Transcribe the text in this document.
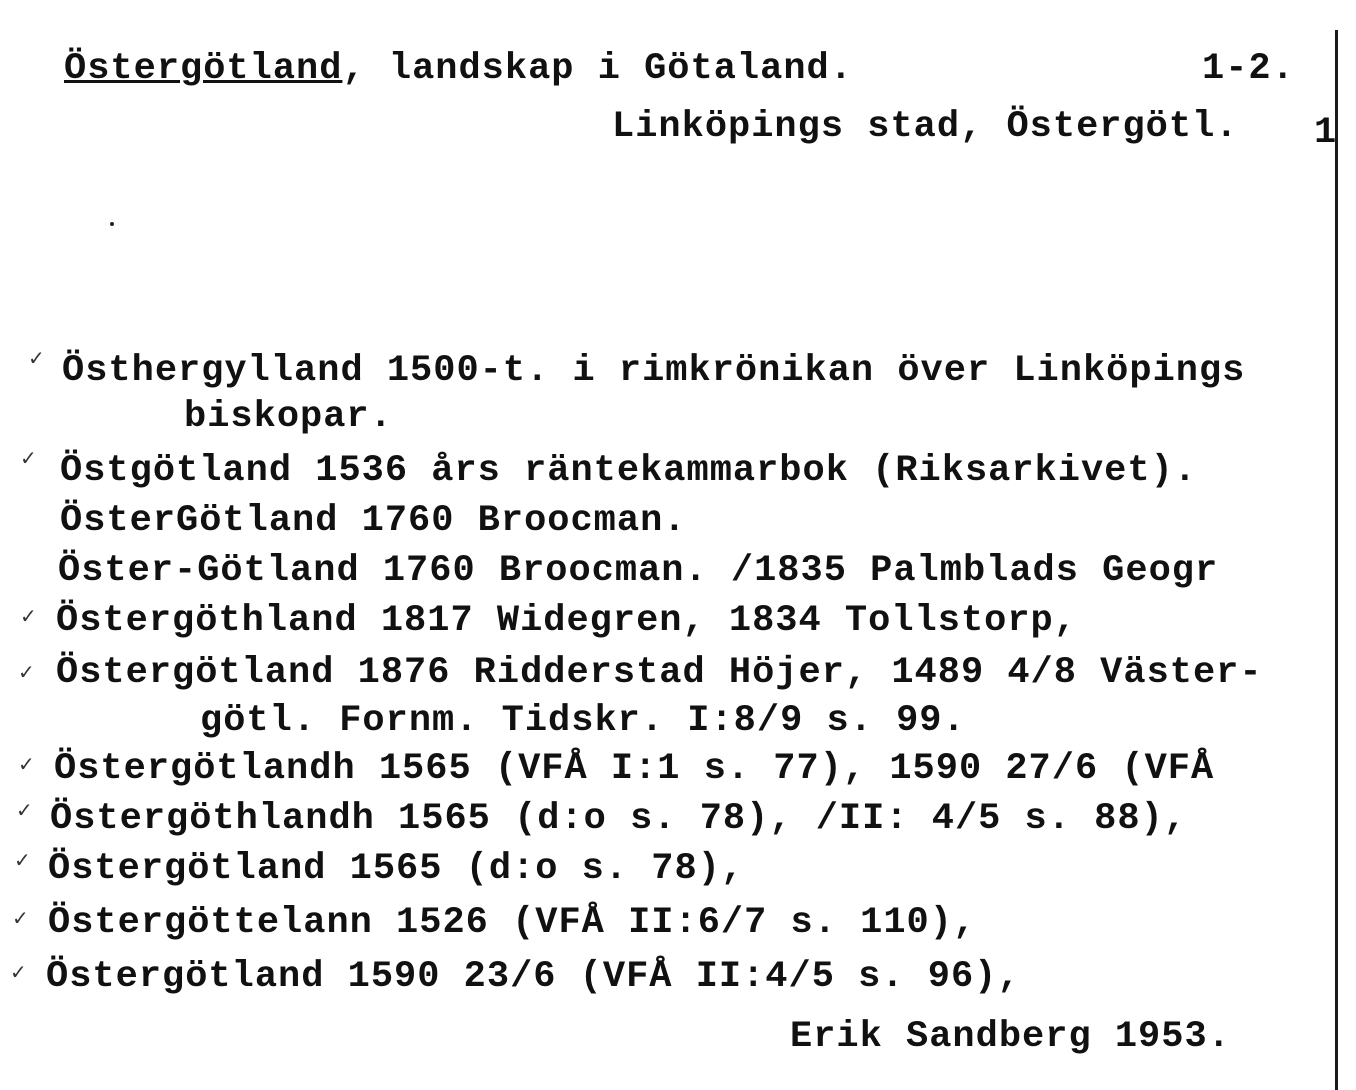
Östergötland, landskap i Götaland.	1-2.
Linköpings stad, Östergötl. 1
✓ Östhergylland 1500-t. i rimkrönikan över Linköpings
biskopar.
✓ Östgötland 1536 års räntekammarbok (Riksarkivet).
ÖsterGötland 1760 Broocman.
Öster-Götland 1760 Broocman. /1835 Palmblads Geogr
✓ Östergöthland 1817 Widegren, 1834 Tollstorp,
✓ Östergötland 1876 Ridderstad Höjer, 1489 4/8 Väster-
götl. Fornm. Tidskr. I:8/9 s. 99.
✓ Östergötlandh 1565 (VFÅ I:1 s. 77), 1590 27/6 (VFÅ
✓ Östergöthlandh 1565 (d:o s. 78), /II: 4/5 s. 88),
✓ Östergötland 1565 (d:o s. 78),
✓ Östergöttelann 1526 (VFÅ II:6/7 s. 110),
✓ Östergötland 1590 23/6 (VFÅ II:4/5 s. 96),
Erik Sandberg 1953.
